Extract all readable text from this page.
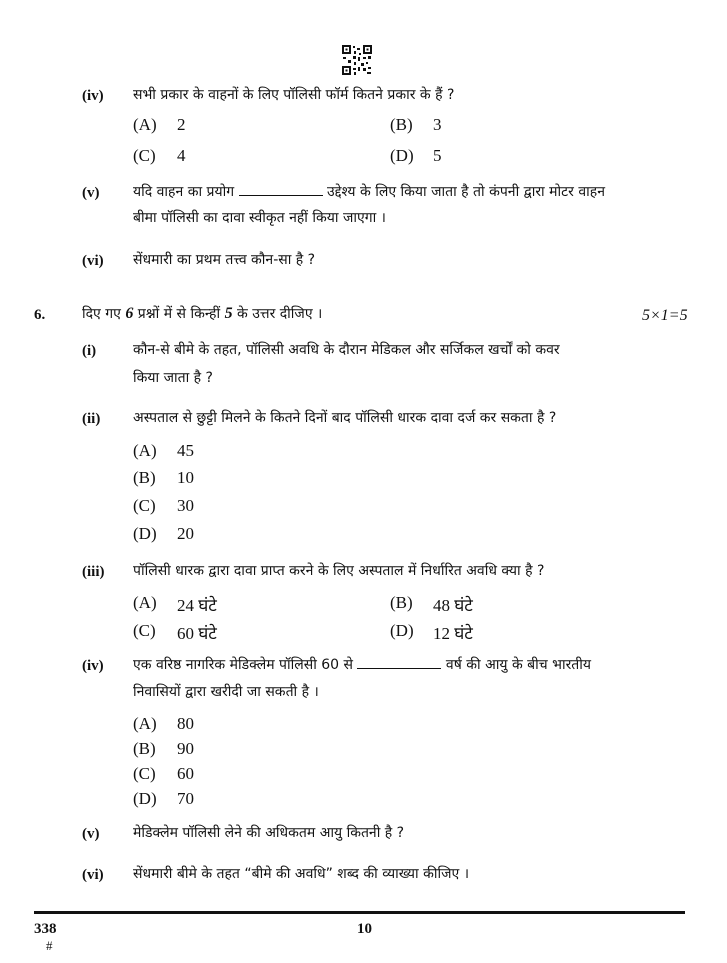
(iv) सभी प्रकार के वाहनों के लिए पॉलिसी फॉर्म कितने प्रकार के हैं ?
(A) 2	(B) 3
(C) 4	(D) 5
(v) यदि वाहन का प्रयोग	उद्देश्य के लिए किया जाता है तो कंपनी द्वारा मोटर वाहन
बीमा पॉलिसी का दावा स्वीकृत नहीं किया जाएगा ।
(vi) सेंधमारी का प्रथम तत्त्व कौन-सा है ?
6.	दिए गए 6 प्रश्नों में से किन्हीं 5 के उत्तर दीजिए ।	5×1=5
(i)	कौन-से बीमे के तहत, पॉलिसी अवधि के दौरान मेडिकल और सर्जिकल खर्चों को कवर
किया जाता है ?
(ii) अस्पताल से छुट्टी मिलने के कितने दिनों बाद पॉलिसी धारक दावा दर्ज कर सकता है ?
(A) 45
(B) 10
(C) 30
(D) 20
(iii) पॉलिसी धारक द्वारा दावा प्राप्त करने के लिए अस्पताल में निर्धारित अवधि क्या है ?
(A) 24 घंटे	(B) 48 घंटे
(C) 60 घंटे	(D) 12 घंटे
(iv) एक वरिष्ठ नागरिक मेडिक्लेम पॉलिसी 60 से	वर्ष की आयु के बीच भारतीय
निवासियों द्वारा खरीदी जा सकती है ।
(A) 80
(B) 90
(C) 60
(D) 70
(v) मेडिक्लेम पॉलिसी लेने की अधिकतम आयु कितनी है ?
(vi) सेंधमारी बीमे के तहत “बीमे की अवधि” शब्द की व्याख्या कीजिए ।
338
#
10
